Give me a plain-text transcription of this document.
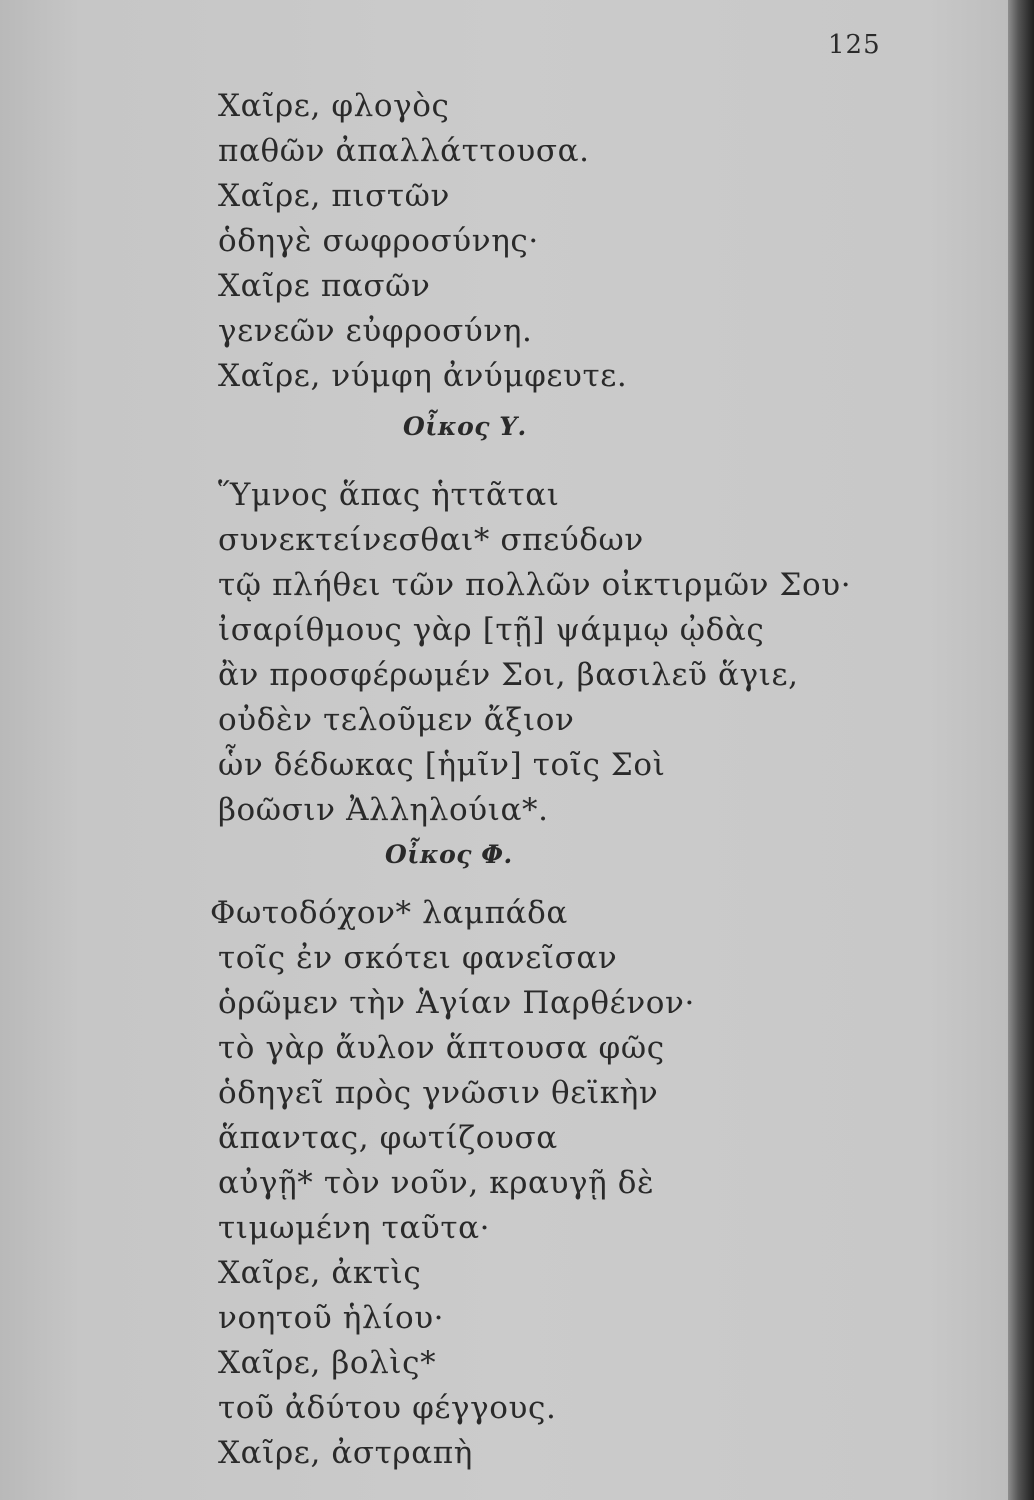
125
Χαῖρε, φλογὸς
παθῶν ἀπαλλάττουσα.
Χαῖρε, πιστῶν
ὁδηγὲ σωφροσύνης·
Χαῖρε πασῶν
γενεῶν εὐφροσύνη.
Χαῖρε, νύμφη ἀνύμφευτε.
Οἶκος Υ.
Ὕμνος ἅπας ἡττᾶται
συνεκτείνεσθαι* σπεύδων
τῷ πλήθει τῶν πολλῶν οἰκτιρμῶν Σου·
ἰσαρίθμους γὰρ [τῇ] ψάμμῳ ᾠδὰς
ἂν προσφέρωμέν Σοι, βασιλεῦ ἅγιε,
οὐδὲν τελοῦμεν ἄξιον
ὧν δέδωκας [ἡμῖν] τοῖς Σοὶ
βοῶσιν Ἀλληλούια*.
Οἶκος Φ.
Φωτοδόχον* λαμπάδα
τοῖς ἐν σκότει φανεῖσαν
ὁρῶμεν τὴν Ἁγίαν Παρθένον·
τὸ γὰρ ἄυλον ἅπτουσα φῶς
ὁδηγεῖ πρὸς γνῶσιν θεϊκὴν
ἅπαντας, φωτίζουσα
αὐγῇ* τὸν νοῦν, κραυγῇ δὲ
τιμωμένη ταῦτα·
Χαῖρε, ἀκτὶς
νοητοῦ ἡλίου·
Χαῖρε, βολὶς*
τοῦ ἀδύτου φέγγους.
Χαῖρε, ἀστραπὴ
